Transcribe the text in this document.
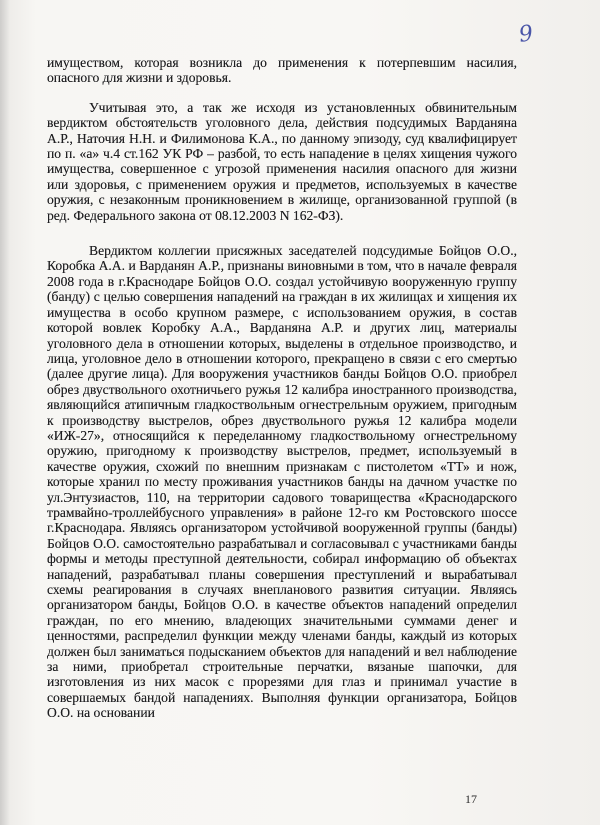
9

имуществом, которая возникла до применения к потерпевшим насилия, опасного для жизни и здоровья.

Учитывая это, а так же исходя из установленных обвинительным вердиктом обстоятельств уголовного дела, действия подсудимых Варданяна А.Р., Наточия Н.Н. и Филимонова К.А., по данному эпизоду, суд квалифицирует по п. «а» ч.4 ст.162 УК РФ – разбой, то есть нападение в целях хищения чужого имущества, совершенное с угрозой применения насилия опасного для жизни или здоровья, с применением оружия и предметов, используемых в качестве оружия, с незаконным проникновением в жилище, организованной группой (в ред. Федерального закона от 08.12.2003 N 162-ФЗ).

Вердиктом коллегии присяжных заседателей подсудимые Бойцов О.О., Коробка А.А. и Варданян А.Р., признаны виновными в том, что в начале февраля 2008 года в г.Краснодаре Бойцов О.О. создал устойчивую вооруженную группу (банду) с целью совершения нападений на граждан в их жилищах и хищения их имущества в особо крупном размере, с использованием оружия, в состав которой вовлек Коробку А.А., Варданяна А.Р. и других лиц, материалы уголовного дела в отношении которых, выделены в отдельное производство, и лица, уголовное дело в отношении которого, прекращено в связи с его смертью (далее другие лица). Для вооружения участников банды Бойцов О.О. приобрел обрез двуствольного охотничьего ружья 12 калибра иностранного производства, являющийся атипичным гладкоствольным огнестрельным оружием, пригодным к производству выстрелов, обрез двуствольного ружья 12 калибра модели «ИЖ-27», относящийся к переделанному гладкоствольному огнестрельному оружию, пригодному к производству выстрелов, предмет, используемый в качестве оружия, схожий по внешним признакам с пистолетом «ТТ» и нож, которые хранил по месту проживания участников банды на дачном участке по ул.Энтузиастов, 110, на территории садового товарищества «Краснодарского трамвайно-троллейбусного управления» в районе 12-го км Ростовского шоссе г.Краснодара. Являясь организатором устойчивой вооруженной группы (банды) Бойцов О.О. самостоятельно разрабатывал и согласовывал с участниками банды формы и методы преступной деятельности, собирал информацию об объектах нападений, разрабатывал планы совершения преступлений и вырабатывал схемы реагирования в случаях внепланового развития ситуации. Являясь организатором банды, Бойцов О.О. в качестве объектов нападений определил граждан, по его мнению, владеющих значительными суммами денег и ценностями, распределил функции между членами банды, каждый из которых должен был заниматься подысканием объектов для нападений и вел наблюдение за ними, приобретал строительные перчатки, вязаные шапочки, для изготовления из них масок с прорезями для глаз и принимал участие в совершаемых бандой нападениях. Выполняя функции организатора, Бойцов О.О. на основании

17
